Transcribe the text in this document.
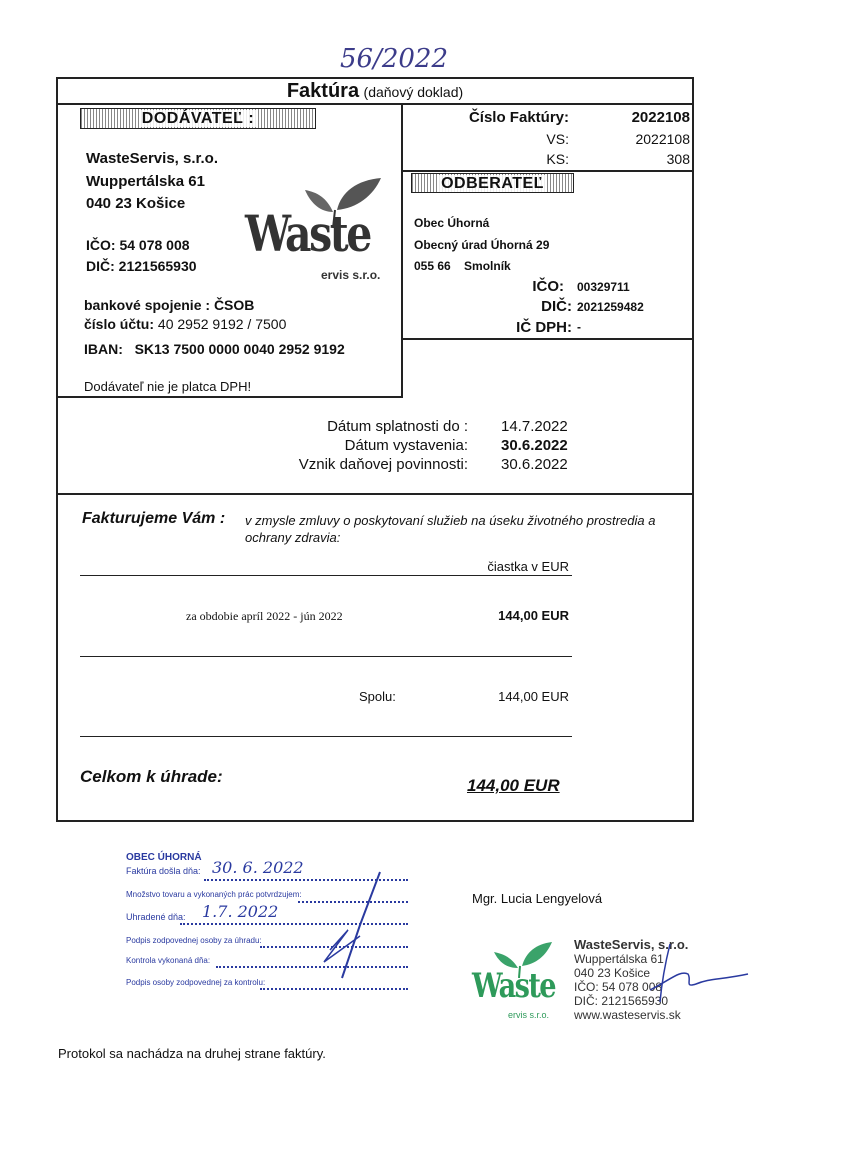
56/2022
Faktúra (daňový doklad)
DODÁVATEĽ :
WasteServis, s.r.o.
Wuppertálska 61
040 23 Košice
IČO: 54 078 008
DIČ: 2121565930
Waste
ervis s.r.o.
bankové spojenie : ČSOB
číslo účtu: 40 2952 9192 / 7500
IBAN: SK13 7500 0000 0040 2952 9192
Dodávateľ nie je platca DPH!
Číslo Faktúry:	2022108
VS:	2022108
KS:	308
ODBERATEĽ
Obec Úhorná
Obecný úrad Úhorná 29
055 66 Smolník
IČO: 00329711
DIČ: 2021259482
IČ DPH: -
Dátum splatnosti do : 14.7.2022
Dátum vystavenia: 30.6.2022
Vznik daňovej povinnosti: 30.6.2022
Fakturujeme Vám : v zmysle zmluvy o poskytovaní služieb na úseku životného prostredia a
ochrany zdravia:
čiastka v EUR
za obdobie apríl 2022 - jún 2022	144,00 EUR
Spolu:	144,00 EUR
Celkom k úhrade:	144,00 EUR
OBEC ÚHORNÁ
Faktúra došla dňa: 30. 6. 2022
Množstvo tovaru a vykonaných prác potvrdzujem:
Uhradené dňa: 1.7. 2022
Podpis zodpovednej osoby za úhradu:
Kontrola vykonaná dňa:
Podpis osoby zodpovednej za kontrolu:
Mgr. Lucia Lengyelová
Waste
ervis s.r.o.
WasteServis, s.r.o.
Wuppertálska 61
040 23 Košice
IČO: 54 078 008
DIČ: 2121565930
www.wasteservis.sk
Protokol sa nachádza na druhej strane faktúry.
